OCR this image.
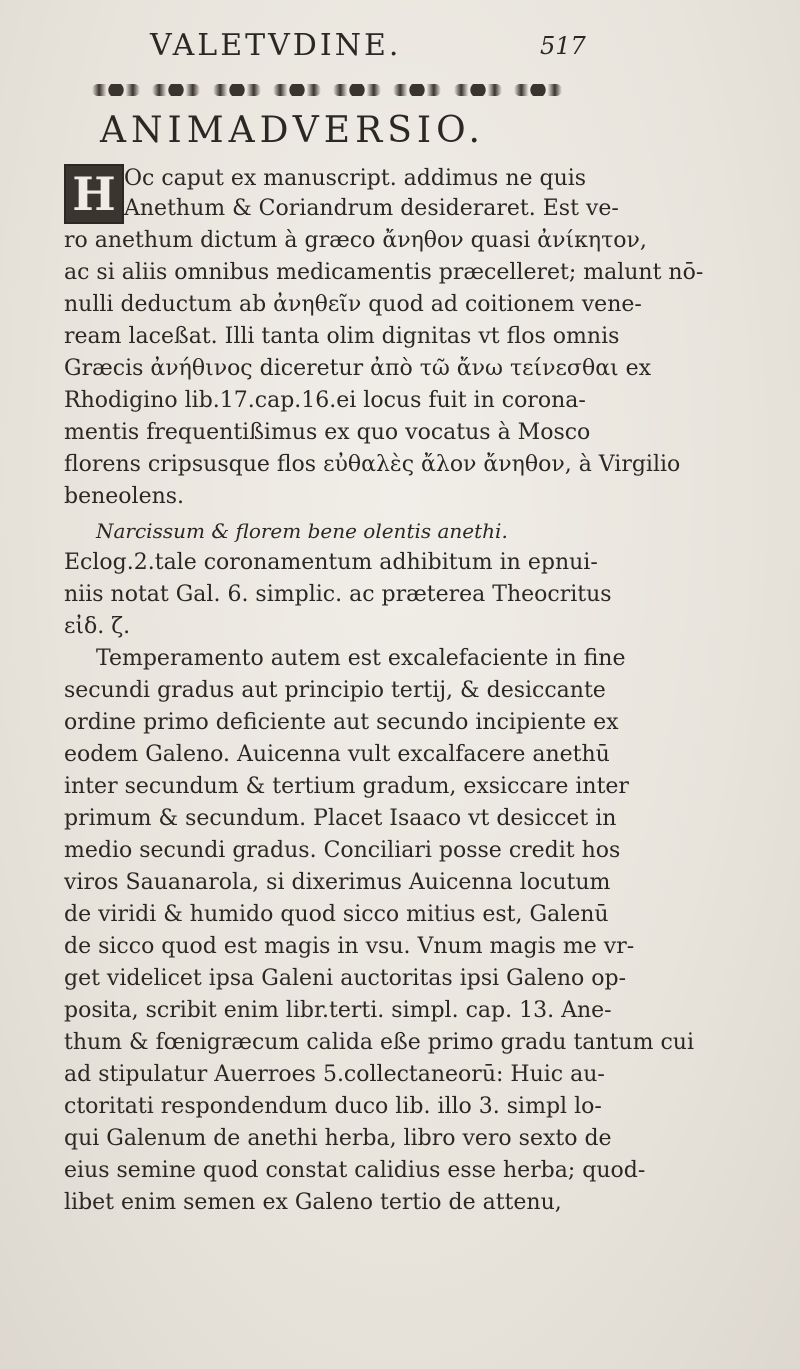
VALETVDINE.	517
ANIMADVERSIO.
H Oc caput ex manuscript. addimus ne quis
Anethum & Coriandrum desideraret. Est ve-
ro anethum dictum à græco ἄνηθον quasi ἀνίκητον,
ac si aliis omnibus medicamentis præcelleret; malunt nō-
nulli deductum ab ἀνηθεῖν quod ad coitionem vene-
ream laceßat. Illi tanta olim dignitas vt flos omnis
Græcis ἀνήθινος diceretur ἀπὸ τῶ ἄνω τείνεσθαι ex
Rhodigino lib.17.cap.16.ei locus fuit in corona-
mentis frequentißimus ex quo vocatus à Mosco
florens cripsusque flos εὐθαλὲς ἄλον ἄνηθον, à Virgilio
beneolens.
Narcissum & florem bene olentis anethi.
Eclog.2.tale coronamentum adhibitum in epnui-
niis notat Gal. 6. simplic. ac præterea Theocritus
εἰδ. ζ.
Temperamento autem est excalefaciente in fine
secundi gradus aut principio tertij, & desiccante
ordine primo deficiente aut secundo incipiente ex
eodem Galeno. Auicenna vult excalfacere anethū
inter secundum & tertium gradum, exsiccare inter
primum & secundum. Placet Isaaco vt desiccet in
medio secundi gradus. Conciliari posse credit hos
viros Sauanarola, si dixerimus Auicenna locutum
de viridi & humido quod sicco mitius est, Galenū
de sicco quod est magis in vsu. Vnum magis me vr-
get videlicet ipsa Galeni auctoritas ipsi Galeno op-
posita, scribit enim libr.terti. simpl. cap. 13. Ane-
thum & fœnigræcum calida eße primo gradu tantum cui
ad stipulatur Auerroes 5.collectaneorū: Huic au-
ctoritati respondendum duco lib. illo 3. simpl lo-
qui Galenum de anethi herba, libro vero sexto de
eius semine quod constat calidius esse herba; quod-
libet enim semen ex Galeno tertio de attenu,
